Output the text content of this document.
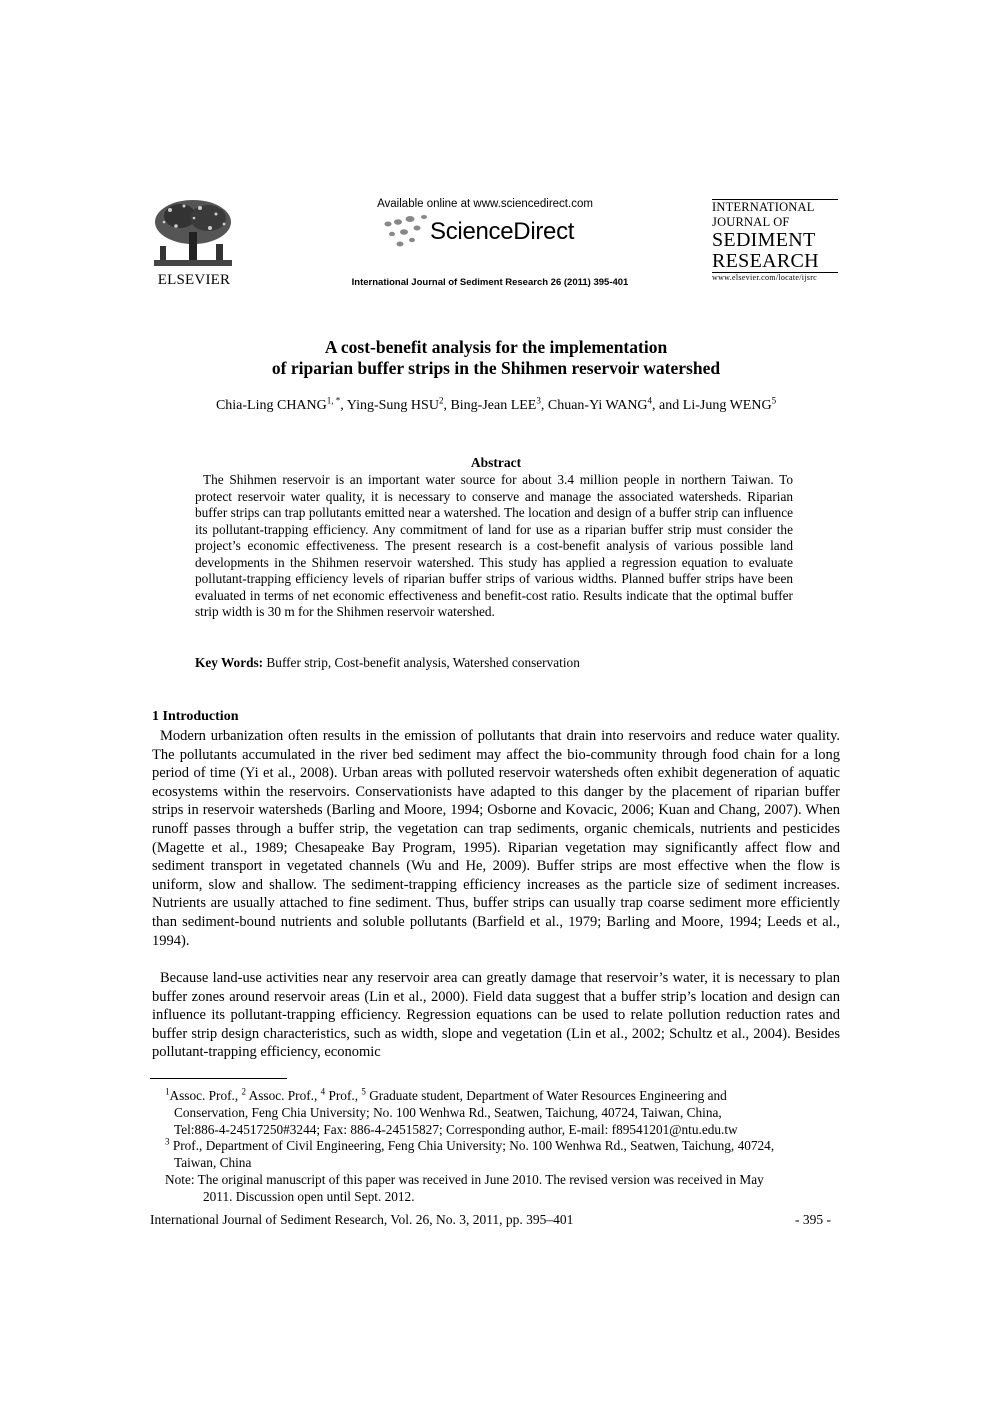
ELSEVIER
Available online at www.sciencedirect.com
ScienceDirect
International Journal of Sediment Research 26 (2011) 395-401
INTERNATIONAL
JOURNAL OF
SEDIMENT
RESEARCH
www.elsevier.com/locate/ijsrc
A cost-benefit analysis for the implementation
of riparian buffer strips in the Shihmen reservoir watershed
Chia-Ling $CHANG^{1, *}$, Ying-Sung HSU$^2$, Bing-Jean LEE$^3$, Chuan-Yi WANG$^4$, and Li-Jung WENG$^5$
Abstract
The Shihmen reservoir is an important water source for about 3.4 million people in northern Taiwan. To protect reservoir water quality, it is necessary to conserve and manage the associated watersheds. Riparian buffer strips can trap pollutants emitted near a watershed. The location and design of a buffer strip can influence its pollutant-trapping efficiency. Any commitment of land for use as a riparian buffer strip must consider the project’s economic effectiveness. The present research is a cost-benefit analysis of various possible land developments in the Shihmen reservoir watershed. This study has applied a regression equation to evaluate pollutant-trapping efficiency levels of riparian buffer strips of various widths. Planned buffer strips have been evaluated in terms of net economic effectiveness and benefit-cost ratio. Results indicate that the optimal buffer strip width is 30 m for the Shihmen reservoir watershed.
Key Words: Buffer strip, Cost-benefit analysis, Watershed conservation
1 Introduction
Modern urbanization often results in the emission of pollutants that drain into reservoirs and reduce water quality. The pollutants accumulated in the river bed sediment may affect the bio-community through food chain for a long period of time (Yi et al., 2008). Urban areas with polluted reservoir watersheds often exhibit degeneration of aquatic ecosystems within the reservoirs. Conservationists have adapted to this danger by the placement of riparian buffer strips in reservoir watersheds (Barling and Moore, 1994; Osborne and Kovacic, 2006; Kuan and Chang, 2007). When runoff passes through a buffer strip, the vegetation can trap sediments, organic chemicals, nutrients and pesticides (Magette et al., 1989; Chesapeake Bay Program, 1995). Riparian vegetation may significantly affect flow and sediment transport in vegetated channels (Wu and He, 2009). Buffer strips are most effective when the flow is uniform, slow and shallow. The sediment-trapping efficiency increases as the particle size of sediment increases. Nutrients are usually attached to fine sediment. Thus, buffer strips can usually trap coarse sediment more efficiently than sediment-bound nutrients and soluble pollutants (Barfield et al., 1979; Barling and Moore, 1994; Leeds et al., 1994).
Because land-use activities near any reservoir area can greatly damage that reservoir’s water, it is necessary to plan buffer zones around reservoir areas (Lin et al., 2000). Field data suggest that a buffer strip’s location and design can influence its pollutant-trapping efficiency. Regression equations can be used to relate pollution reduction rates and buffer strip design characteristics, such as width, slope and vegetation (Lin et al., 2002; Schultz et al., 2004). Besides pollutant-trapping efficiency, economic
$^1$Assoc. Prof., $^2$ Assoc. Prof., $^4$ Prof., $^5$ Graduate student, Department of Water Resources Engineering and
Conservation, Feng Chia University; No. 100 Wenhwa Rd., Seatwen, Taichung, 40724, Taiwan, China,
Tel:886-4-24517250#3244; Fax: 886-4-24515827; Corresponding author, E-mail: f89541201@ntu.edu.tw
$^3$ Prof., Department of Civil Engineering, Feng Chia University; No. 100 Wenhwa Rd., Seatwen, Taichung, 40724,
Taiwan, China
Note: The original manuscript of this paper was received in June 2010. The revised version was received in May
2011. Discussion open until Sept. 2012.
International Journal of Sediment Research, Vol. 26, No. 3, 2011, pp. 395–401	- 395 -
